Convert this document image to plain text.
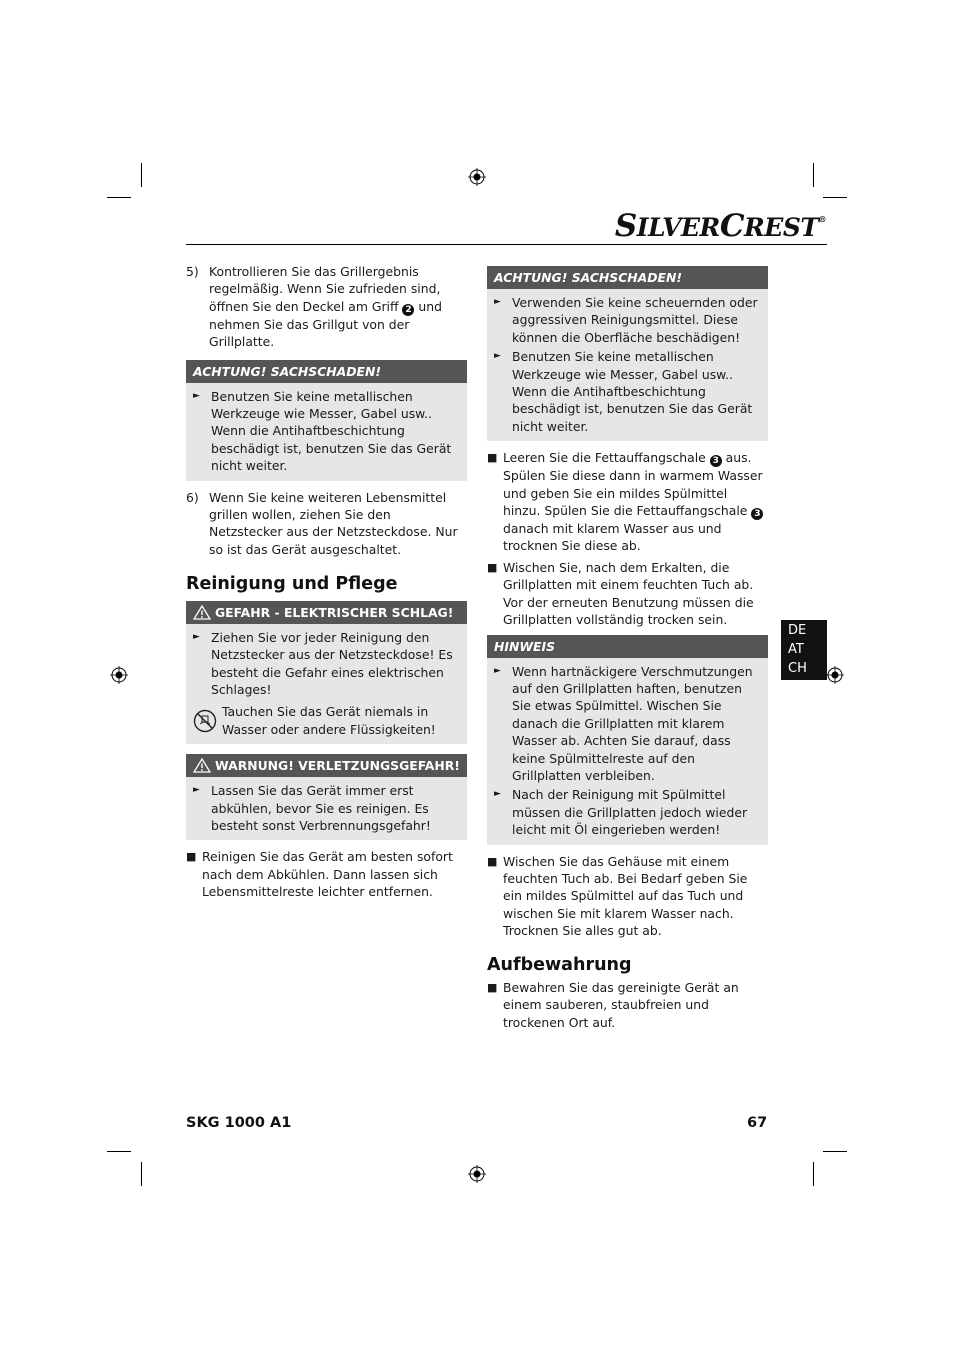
SILVERCREST®
5) Kontrollieren Sie das Grillergebnis regelmäßig. Wenn Sie zufrieden sind, öffnen Sie den Deckel am Griff 2 und nehmen Sie das Grillgut von der Grillplatte.

ACHTUNG! SACHSCHADEN!
► Benutzen Sie keine metallischen Werkzeuge wie Messer, Gabel usw.. Wenn die Antihaftbeschichtung beschädigt ist, benutzen Sie das Gerät nicht weiter.

6) Wenn Sie keine weiteren Lebensmittel grillen wollen, ziehen Sie den Netzstecker aus der Netzsteckdose. Nur so ist das Gerät ausgeschaltet.

Reinigung und Pflege
GEFAHR - ELEKTRISCHER SCHLAG!
► Ziehen Sie vor jeder Reinigung den Netzstecker aus der Netzsteckdose! Es besteht die Gefahr eines elektrischen Schlages!

Tauchen Sie das Gerät niemals in Wasser oder andere Flüssigkeiten!

WARNUNG! VERLETZUNGSGEFAHR!
► Lassen Sie das Gerät immer erst abkühlen, bevor Sie es reinigen. Es besteht sonst Verbrennungsgefahr!

■ Reinigen Sie das Gerät am besten sofort nach dem Abkühlen. Dann lassen sich Lebensmittelreste leichter entfernen.

ACHTUNG! SACHSCHADEN!
► Verwenden Sie keine scheuernden oder aggressiven Reinigungsmittel. Diese können die Oberfläche beschädigen!

► Benutzen Sie keine metallischen Werkzeuge wie Messer, Gabel usw.. Wenn die Antihaftbeschichtung beschädigt ist, benutzen Sie das Gerät nicht weiter.

■ Leeren Sie die Fettauffangschale 3 aus. Spülen Sie diese dann in warmem Wasser und geben Sie ein mildes Spülmittel hinzu. Spülen Sie die Fettauffangschale 3 danach mit klarem Wasser aus und trocknen Sie diese ab.

■ Wischen Sie, nach dem Erkalten, die Grillplatten mit einem feuchten Tuch ab. Vor der erneuten Benutzung müssen die Grillplatten vollständig trocken sein.

HINWEIS
► Wenn hartnäckigere Verschmutzungen auf den Grillplatten haften, benutzen Sie etwas Spülmittel. Wischen Sie danach die Grillplatten mit klarem Wasser ab. Achten Sie darauf, dass keine Spülmittelreste auf den Grillplatten verbleiben.

► Nach der Reinigung mit Spülmittel müssen die Grillplatten jedoch wieder leicht mit Öl eingerieben werden!

■ Wischen Sie das Gehäuse mit einem feuchten Tuch ab. Bei Bedarf geben Sie ein mildes Spülmittel auf das Tuch und wischen Sie mit klarem Wasser nach. Trocknen Sie alles gut ab.

Aufbewahrung
■ Bewahren Sie das gereinigte Gerät an einem sauberen, staubfreien und trockenen Ort auf.

DE
AT
CH
SKG 1000 A1	67
